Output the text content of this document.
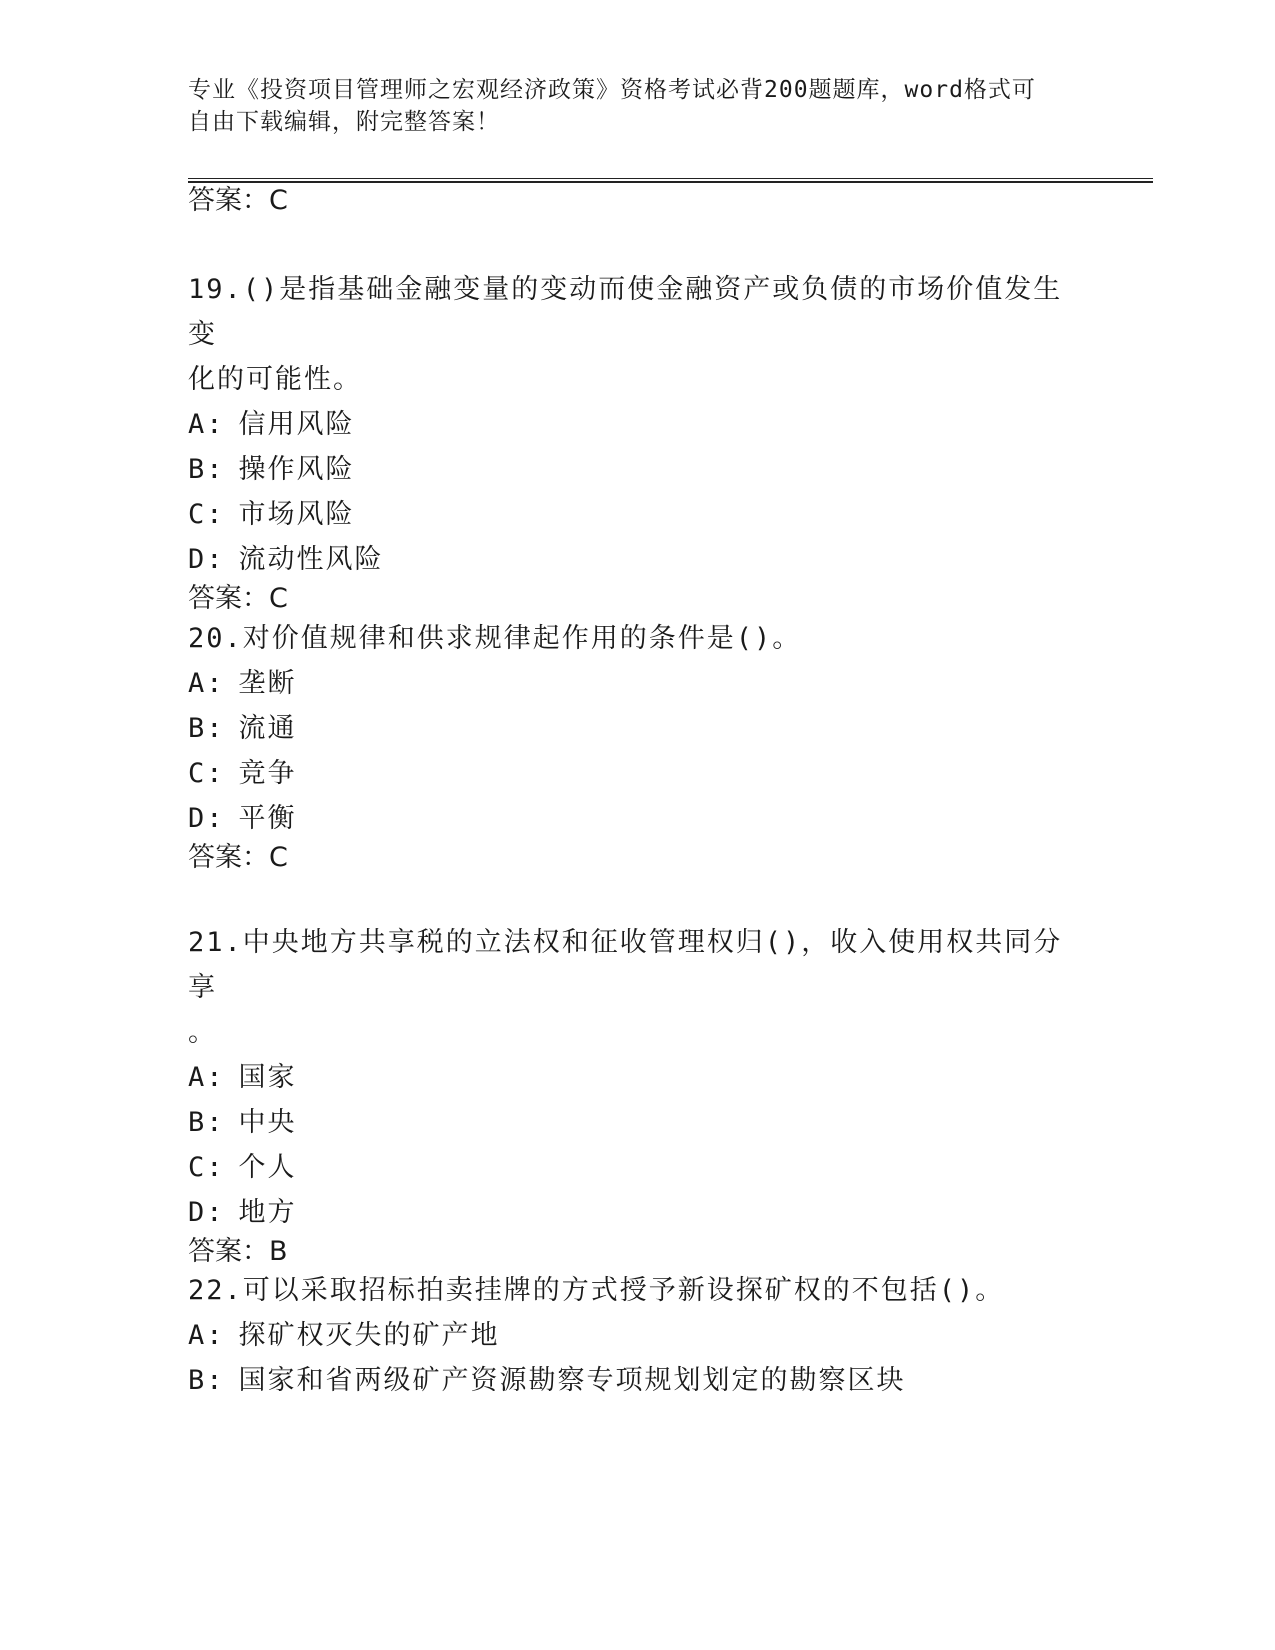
专业《投资项目管理师之宏观经济政策》资格考试必背200题题库，word格式可
自由下载编辑，附完整答案！
答案：C
19.()是指基础金融变量的变动而使金融资产或负债的市场价值发生变
化的可能性。
A: 信用风险
B: 操作风险
C: 市场风险
D: 流动性风险
答案：C
20.对价值规律和供求规律起作用的条件是()。
A: 垄断
B: 流通
C: 竞争
D: 平衡
答案：C
21.中央地方共享税的立法权和征收管理权归()，收入使用权共同分享
。
A: 国家
B: 中央
C: 个人
D: 地方
答案：B
22.可以采取招标拍卖挂牌的方式授予新设探矿权的不包括()。
A: 探矿权灭失的矿产地
B: 国家和省两级矿产资源勘察专项规划划定的勘察区块
